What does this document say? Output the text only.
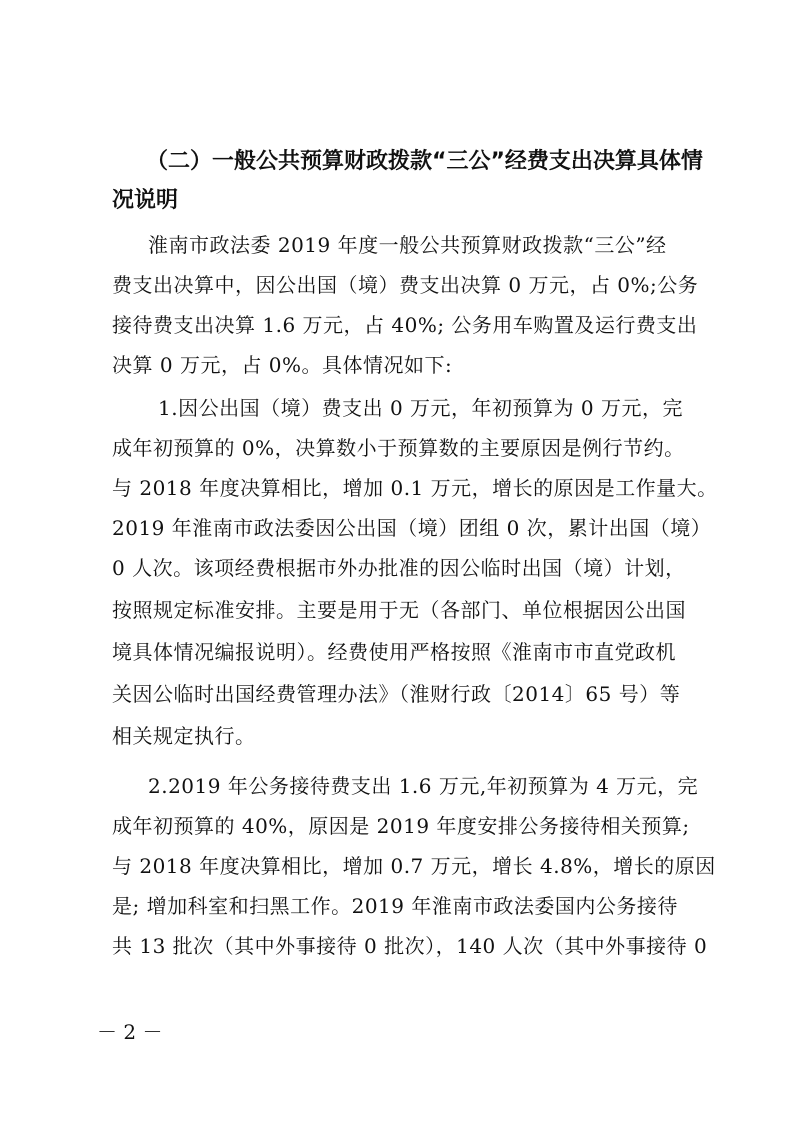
（二）一般公共预算财政拨款“三公”经费支出决算具体情
况说明
淮南市政法委 2019 年度一般公共预算财政拨款“三公”经
费支出决算中，因公出国（境）费支出决算 0 万元，占 0%;公务
接待费支出决算 1.6 万元，占 40%; 公务用车购置及运行费支出
决算 0 万元，占 0%。具体情况如下:
1.因公出国（境）费支出 0 万元，年初预算为 0 万元，完
成年初预算的 0%，决算数小于预算数的主要原因是例行节约。
与 2018 年度决算相比，增加 0.1 万元，增长的原因是工作量大。
2019 年淮南市政法委因公出国（境）团组 0 次，累计出国（境）
0 人次。该项经费根据市外办批准的因公临时出国（境）计划，
按照规定标准安排。主要是用于无（各部门、单位根据因公出国
境具体情况编报说明）。经费使用严格按照《淮南市市直党政机
关因公临时出国经费管理办法》（淮财行政〔2014〕65 号）等
相关规定执行。
2.2019 年公务接待费支出 1.6 万元,年初预算为 4 万元，完
成年初预算的 40%，原因是 2019 年度安排公务接待相关预算;
与 2018 年度决算相比，增加 0.7 万元，增长 4.8%，增长的原因
是; 增加科室和扫黑工作。2019 年淮南市政法委国内公务接待
共 13 批次（其中外事接待 0 批次），140 人次（其中外事接待 0
－ 2 －
